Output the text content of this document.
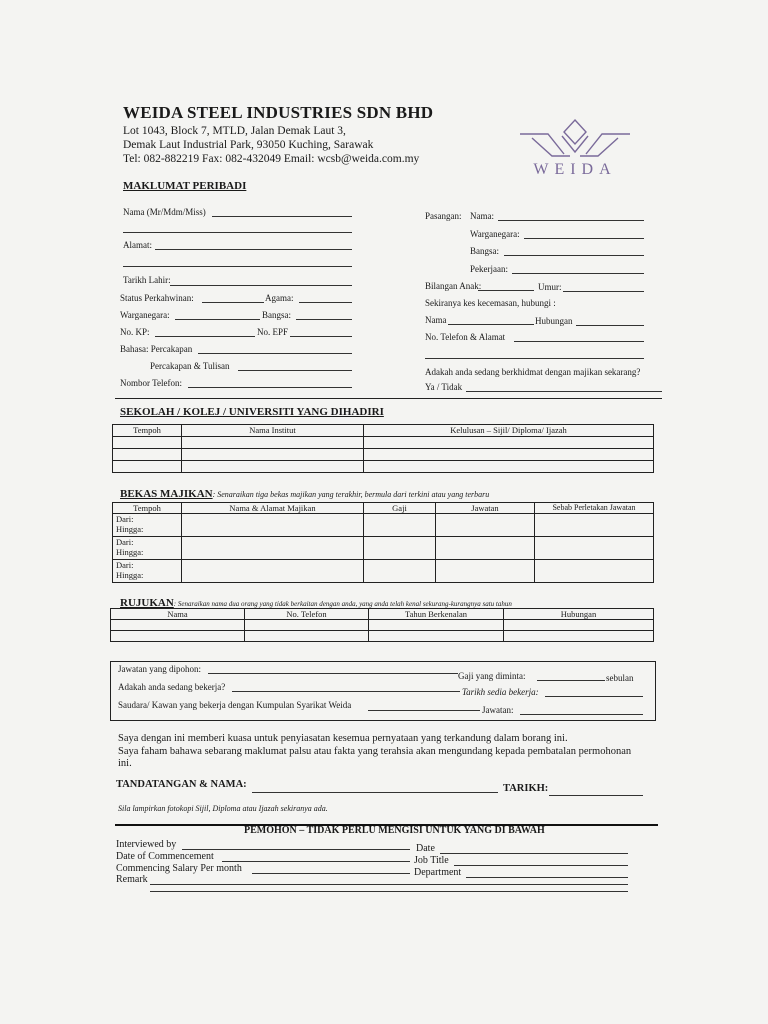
WEIDA STEEL INDUSTRIES SDN BHD
Lot 1043, Block 7, MTLD, Jalan Demak Laut 3,
Demak Laut Industrial Park, 93050 Kuching, Sarawak
Tel: 082-882219 Fax: 082-432049 Email: wcsb@weida.com.my
WEIDA
MAKLUMAT PERIBADI
Nama (Mr/Mdm/Miss)
Alamat:
Tarikh Lahir:
Status Perkahwinan:	Agama:
Warganegara:	Bangsa:
No. KP:	No. EPF
Bahasa: Percakapan
Percakapan & Tulisan
Nombor Telefon:
Pasangan: Nama:
Warganegara:
Bangsa:
Pekerjaan:
Bilangan Anak:	Umur:
Sekiranya kes kecemasan, hubungi :
Nama	Hubungan
No. Telefon & Alamat
Adakah anda sedang berkhidmat dengan majikan sekarang?
Ya / Tidak
SEKOLAH / KOLEJ / UNIVERSITI YANG DIHADIRI
Tempoh	Nama Institut	Kelulusan – Sijil/ Diploma/ Ijazah

BEKAS MAJIKAN: Senaraikan tiga bekas majikan yang terakhir, bermula dari terkini atau yang terbaru
Tempoh	Nama & Alamat Majikan	Gaji	Jawatan	Sebab Perletakan Jawatan

Dari:
Hingga:				

Dari:
Hingga:				

Dari:
Hingga:				

RUJUKAN: Senaraikan nama dua orang yang tidak berkaitan dengan anda, yang anda telah kenal sekurang-kurangnya satu tahun
Nama	No. Telefon	Tahun Berkenalan	Hubungan

Jawatan yang dipohon:
Gaji yang diminta:	sebulan
Adakah anda sedang bekerja?	Tarikh sedia bekerja:
Saudara/ Kawan yang bekerja dengan Kumpulan Syarikat Weida	Jawatan:
Saya dengan ini memberi kuasa untuk penyiasatan kesemua pernyataan yang terkandung dalam borang ini.
Saya faham bahawa sebarang maklumat palsu atau fakta yang terahsia akan mengundang kepada pembatalan permohonan
ini.
TANDATANGAN & NAMA:	TARIKH:
Sila lampirkan fotokopi Sijil, Diploma atau Ijazah sekiranya ada.
PEMOHON – TIDAK PERLU MENGISI UNTUK YANG DI BAWAH
Interviewed by	Date
Date of Commencement	Job Title
Commencing Salary Per month	Department
Remark
